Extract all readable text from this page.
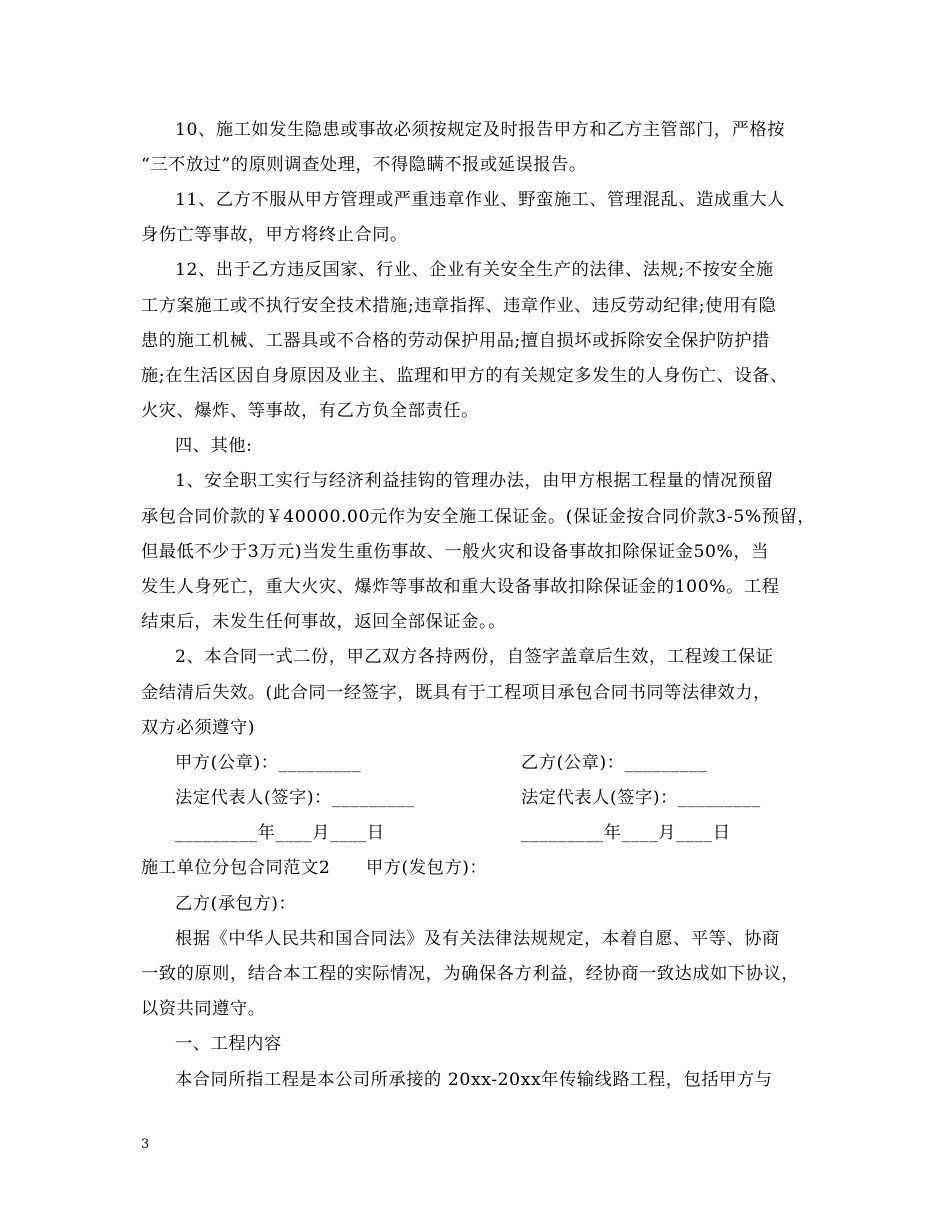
10、施工如发生隐患或事故必须按规定及时报告甲方和乙方主管部门，严格按
“三不放过”的原则调查处理，不得隐瞒不报或延误报告。
11、乙方不服从甲方管理或严重违章作业、野蛮施工、管理混乱、造成重大人
身伤亡等事故，甲方将终止合同。
12、出于乙方违反国家、行业、企业有关安全生产的法律、法规;不按安全施
工方案施工或不执行安全技术措施;违章指挥、违章作业、违反劳动纪律;使用有隐
患的施工机械、工器具或不合格的劳动保护用品;擅自损坏或拆除安全保护防护措
施;在生活区因自身原因及业主、监理和甲方的有关规定多发生的人身伤亡、设备、
火灾、爆炸、等事故，有乙方负全部责任。
四、其他:
1、安全职工实行与经济利益挂钩的管理办法，由甲方根据工程量的情况预留
承包合同价款的￥40000.00元作为安全施工保证金。(保证金按合同价款3-5%预留，
但最低不少于3万元)当发生重伤事故、一般火灾和设备事故扣除保证金50%，当
发生人身死亡，重大火灾、爆炸等事故和重大设备事故扣除保证金的100%。工程
结束后，未发生任何事故，返回全部保证金。。
2、本合同一式二份，甲乙双方各持两份，自签字盖章后生效，工程竣工保证
金结清后失效。(此合同一经签字，既具有于工程项目承包合同书同等法律效力，
双方必须遵守)
甲方(公章)：_________	乙方(公章)：_________
法定代表人(签字)：_________	法定代表人(签字)：_________
_________年____月____日	_________年____月____日
施工单位分包合同范文2　　甲方(发包方)：
乙方(承包方)：
根据《中华人民共和国合同法》及有关法律法规规定，本着自愿、平等、协商
一致的原则，结合本工程的实际情况，为确保各方利益，经协商一致达成如下协议，
以资共同遵守。
一、工程内容
本合同所指工程是本公司所承接的 20xx-20xx年传输线路工程，包括甲方与
3
